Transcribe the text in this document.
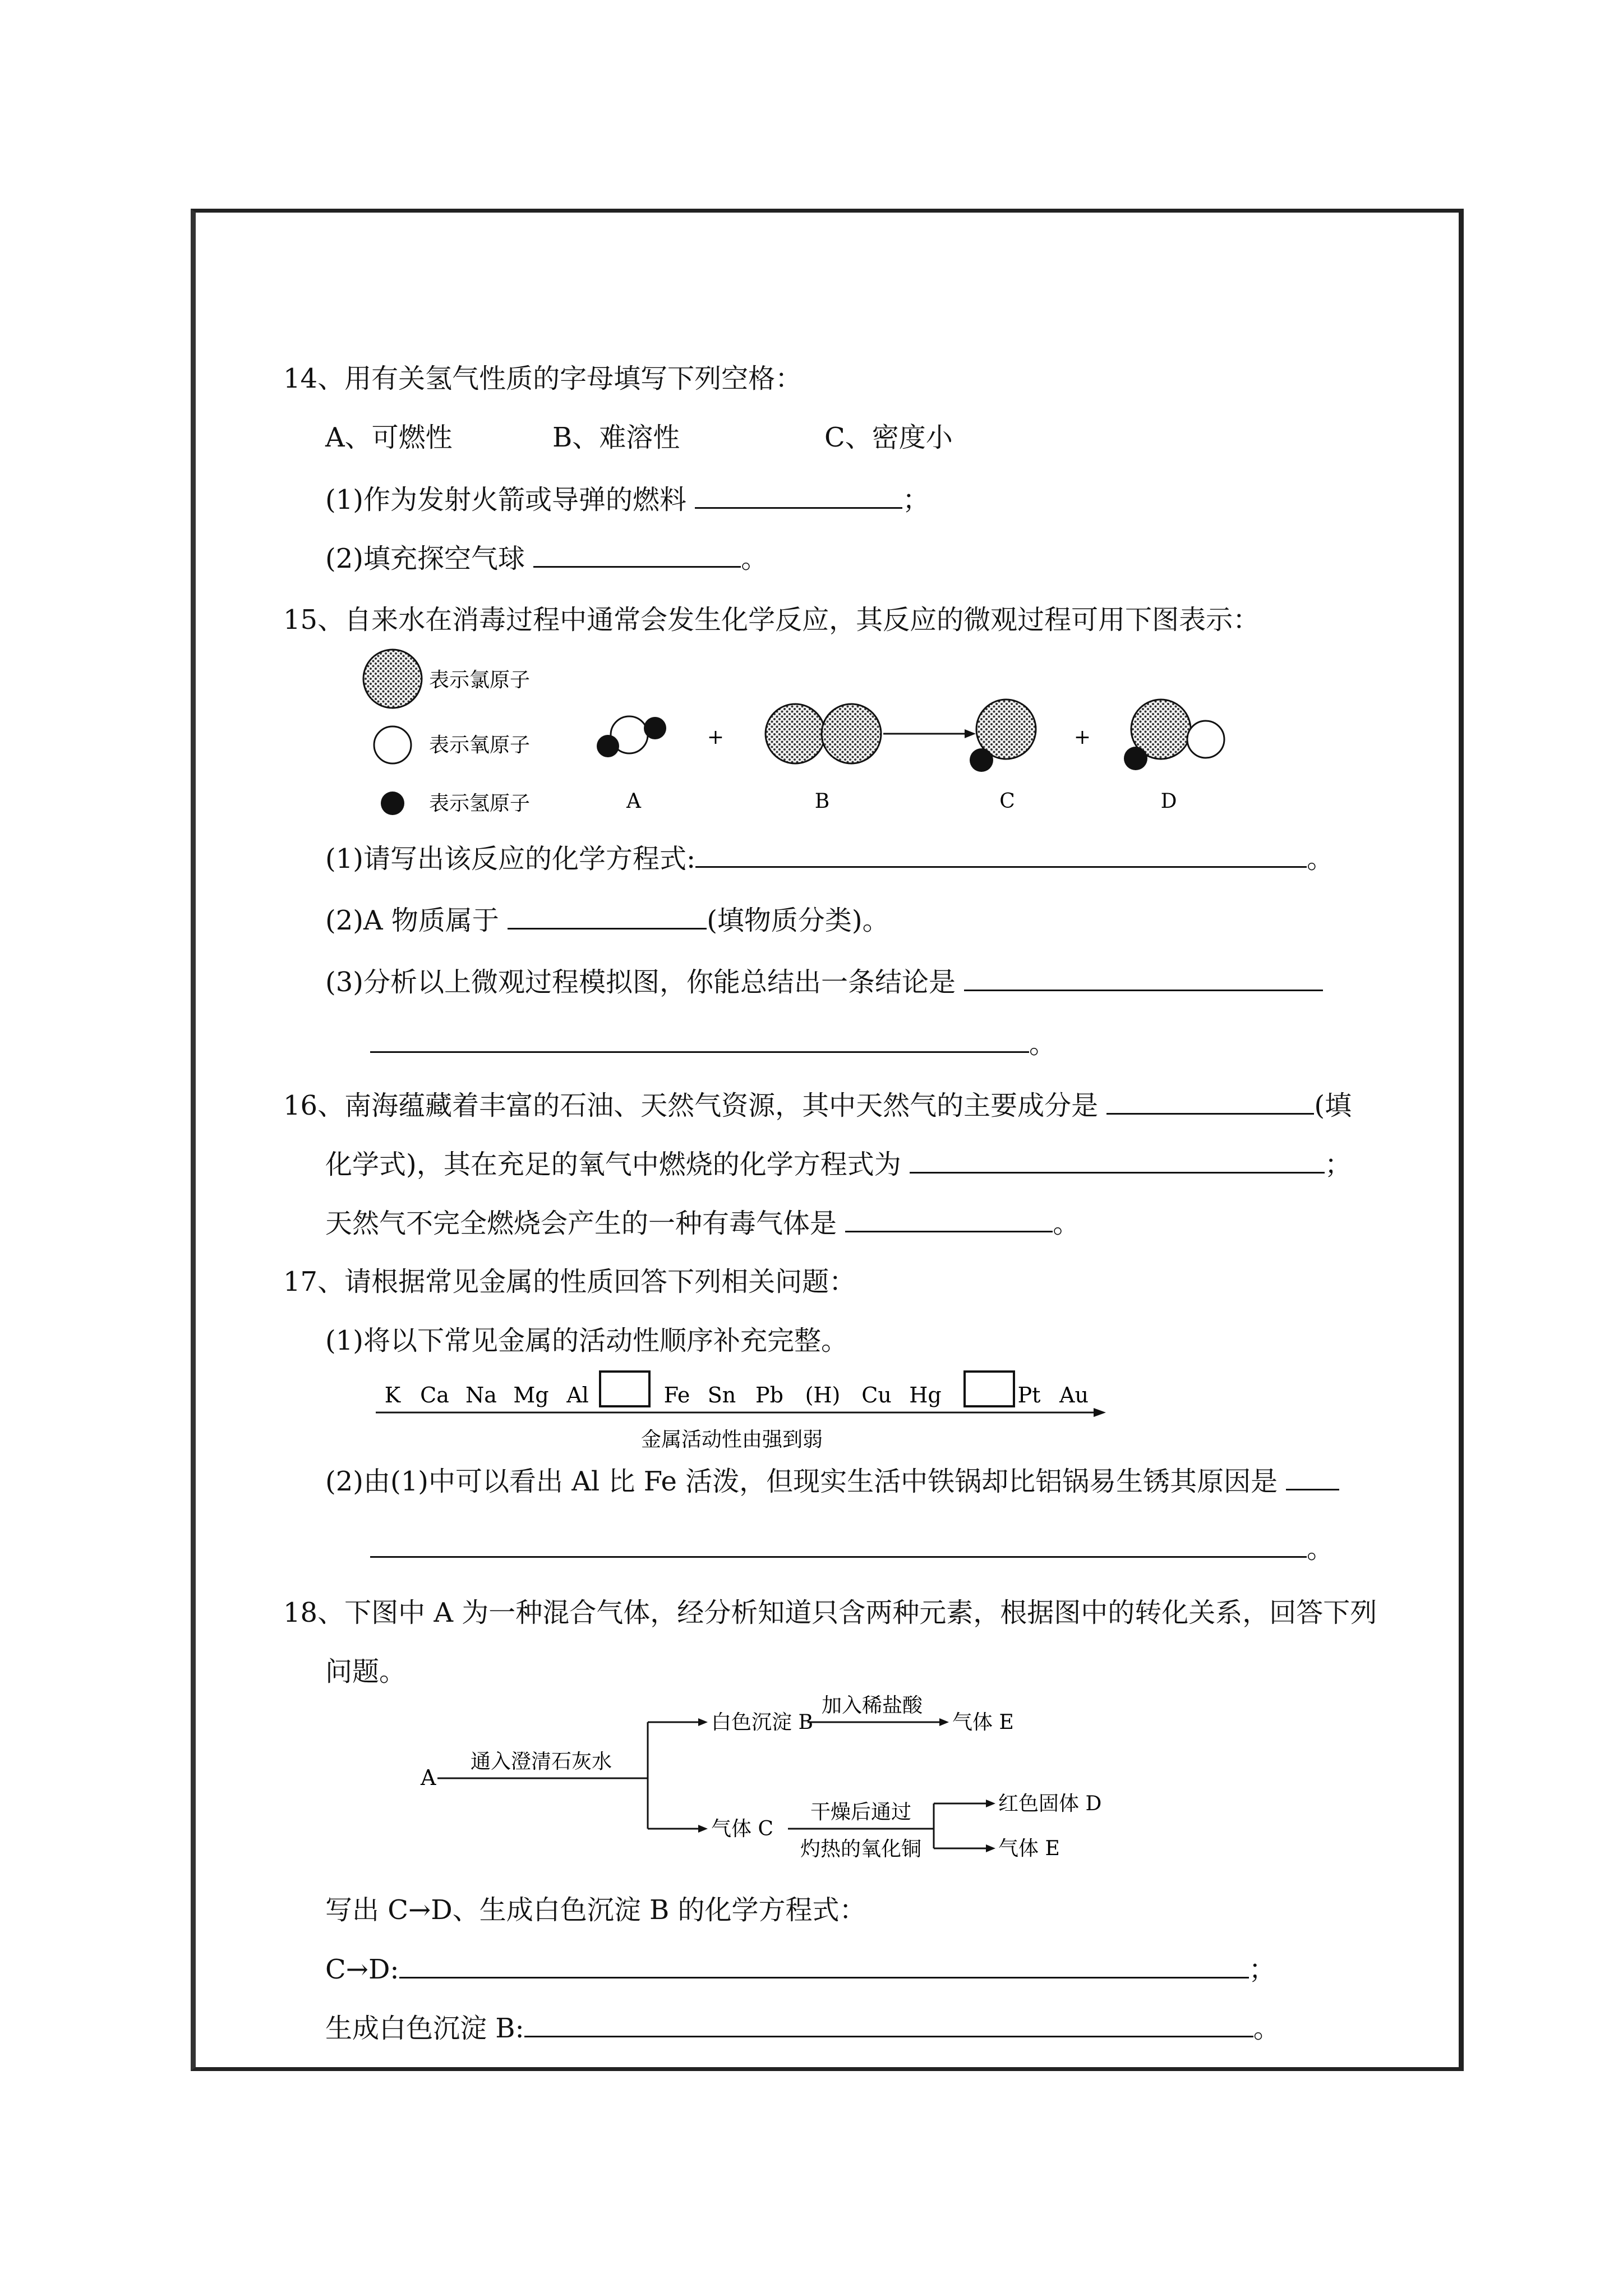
14、用有关氢气性质的字母填写下列空格：
A、可燃性	B、难溶性	C、密度小
(1)作为发射火箭或导弹的燃料	；
(2)填充探空气球	。
15、自来水在消毒过程中通常会发生化学反应，其反应的微观过程可用下图表示：
表示氯原子
表示氧原子
表示氢原子	A
+
B	C
+
D
(1)请写出该反应的化学方程式:	。
(2)A 物质属于	(填物质分类)。
(3)分析以上微观过程模拟图，你能总结出一条结论是
。
16、南海蕴藏着丰富的石油、天然气资源，其中天然气的主要成分是	(填
化学式)，其在充足的氧气中燃烧的化学方程式为	；
天然气不完全燃烧会产生的一种有毒气体是	。
17、请根据常见金属的性质回答下列相关问题：
(1)将以下常见金属的活动性顺序补充完整。
K Ca Na Mg Al	Fe Sn Pb (H) Cu Hg	Pt Au
金属活动性由强到弱
(2)由(1)中可以看出 Al 比 Fe 活泼，但现实生活中铁锅却比铝锅易生锈其原因是
。
18、下图中 A 为一种混合气体，经分析知道只含两种元素，根据图中的转化关系，回答下列
问题。
A
通入澄清石灰水
白色沉淀 B
加入稀盐酸
气体 E
气体 C
干燥后通过
灼热的氧化铜
红色固体 D
气体 E
写出 C→D、生成白色沉淀 B 的化学方程式：
C→D:	；
生成白色沉淀 B:	。
